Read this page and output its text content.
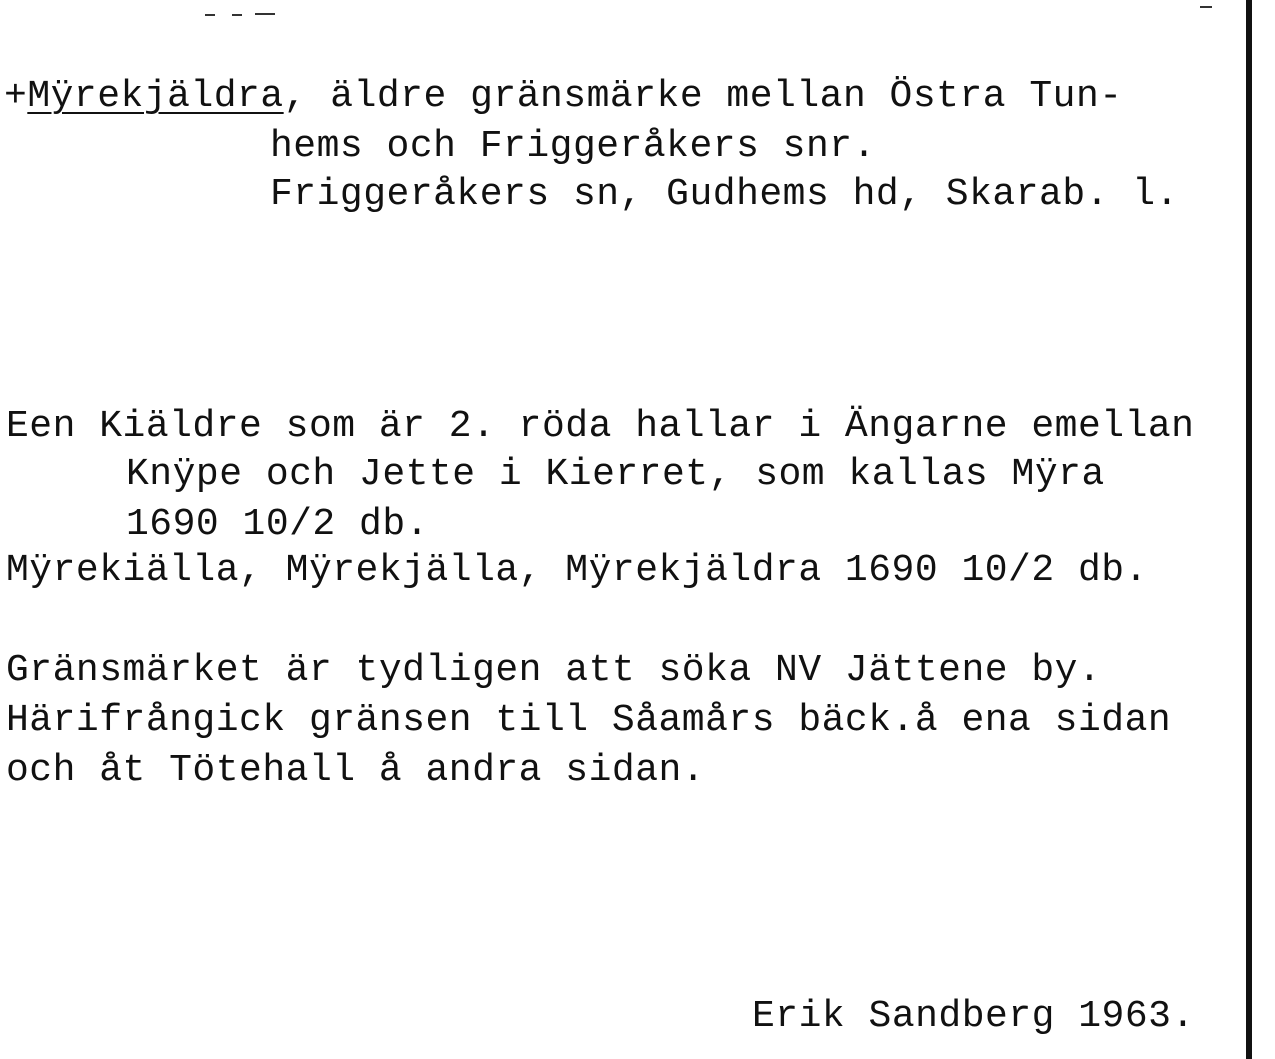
+Mÿrekjäldra, äldre gränsmärke mellan Östra Tun-
hems och Friggeråkers snr.
Friggeråkers sn, Gudhems hd, Skarab. l.
Een Kiäldre som är 2. röda hallar i Ängarne emellan
Knÿpe och Jette i Kierret, som kallas Mÿra
1690 10/2 db.
Mÿrekiälla, Mÿrekjälla, Mÿrekjäldra 1690 10/2 db.
Gränsmärket är tydligen att söka NV Jättene by.
Härifrångick gränsen till Såamårs bäck.å ena sidan
och åt Tötehall å andra sidan.
Erik Sandberg 1963.
